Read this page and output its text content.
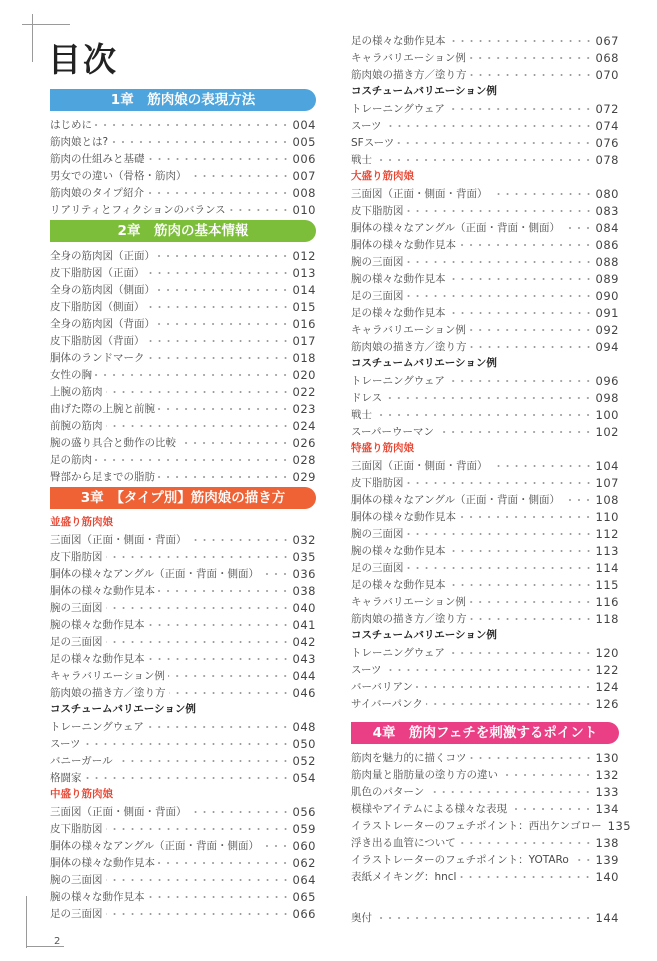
目次
1章　筋肉娘の表現方法
はじめに	004
筋肉娘とは?	005
筋肉の仕組みと基礎	006
男女での違い（骨格・筋肉）	007
筋肉娘のタイプ紹介	008
リアリティとフィクションのバランス	010
2章　筋肉の基本情報
全身の筋肉図（正面）	012
皮下脂肪図（正面）	013
全身の筋肉図（側面）	014
皮下脂肪図（側面）	015
全身の筋肉図（背面）	016
皮下脂肪図（背面）	017
胴体のランドマーク	018
女性の胸	020
上腕の筋肉	022
曲げた際の上腕と前腕	023
前腕の筋肉	024
腕の盛り具合と動作の比較	026
足の筋肉	028
臀部から足までの脂肪	029
3章　【タイプ別】筋肉娘の描き方
並盛り筋肉娘
三面図（正面・側面・背面）	032
皮下脂肪図	035
胴体の様々なアングル（正面・背面・側面）	036
胴体の様々な動作見本	038
腕の三面図	040
腕の様々な動作見本	041
足の三面図	042
足の様々な動作見本	043
キャラバリエーション例	044
筋肉娘の描き方／塗り方	046
コスチュームバリエーション例
トレーニングウェア	048
スーツ	050
バニーガール	052
格闘家	054
中盛り筋肉娘
三面図（正面・側面・背面）	056
皮下脂肪図	059
胴体の様々なアングル（正面・背面・側面）	060
胴体の様々な動作見本	062
腕の三面図	064
腕の様々な動作見本	065
足の三面図	066
足の様々な動作見本	067
キャラバリエーション例	068
筋肉娘の描き方／塗り方	070
コスチュームバリエーション例
トレーニングウェア	072
スーツ	074
SFスーツ	076
戦士	078
大盛り筋肉娘
三面図（正面・側面・背面）	080
皮下脂肪図	083
胴体の様々なアングル（正面・背面・側面）	084
胴体の様々な動作見本	086
腕の三面図	088
腕の様々な動作見本	089
足の三面図	090
足の様々な動作見本	091
キャラバリエーション例	092
筋肉娘の描き方／塗り方	094
コスチュームバリエーション例
トレーニングウェア	096
ドレス	098
戦士	100
スーパーウーマン	102
特盛り筋肉娘
三面図（正面・側面・背面）	104
皮下脂肪図	107
胴体の様々なアングル（正面・背面・側面）	108
胴体の様々な動作見本	110
腕の三面図	112
腕の様々な動作見本	113
足の三面図	114
足の様々な動作見本	115
キャラバリエーション例	116
筋肉娘の描き方／塗り方	118
コスチュームバリエーション例
トレーニングウェア	120
スーツ	122
バーバリアン	124
サイバーパンク	126
4章　筋肉フェチを刺激するポイント
筋肉を魅力的に描くコツ	130
筋肉量と脂肪量の塗り方の違い	132
肌色のパターン	133
模様やアイテムによる様々な表現	134
イラストレーターのフェチポイント：西出ケンゴロー 135
浮き出る血管について	138
イラストレーターのフェチポイント：YOTARo 139
表紙メイキング：hncl	140
奥付	144
2
